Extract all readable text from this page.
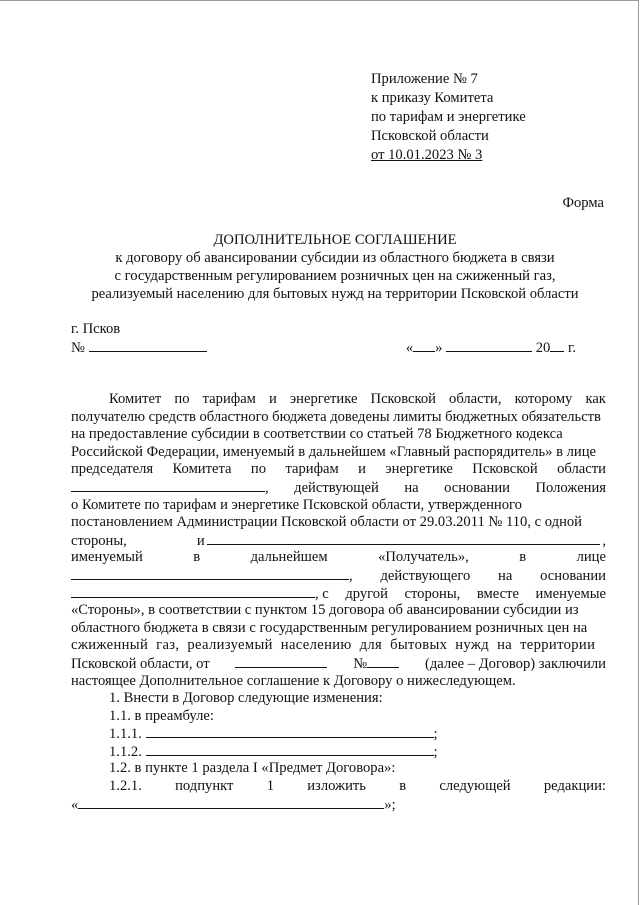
Приложение № 7
к приказу Комитета
по тарифам и энергетике
Псковской области
от 10.01.2023 № 3
Форма
ДОПОЛНИТЕЛЬНОЕ СОГЛАШЕНИЕ
к договору об авансировании субсидии из областного бюджета в связи
с государственным регулированием розничных цен на сжиженный газ,
реализуемый населению для бытовых нужд на территории Псковской области
г. Псков
№	« »	20 г.
Комитет по тарифам и энергетике Псковской области, которому как
получателю средств областного бюджета доведены лимиты бюджетных обязательств
на предоставление субсидии в соответствии со статьей 78 Бюджетного кодекса
Российской Федерации, именуемый в дальнейшем «Главный распорядитель» в лице
председателя Комитета по тарифам и энергетике Псковской области
, действующей на основании Положения
о Комитете по тарифам и энергетике Псковской области, утвержденного
постановлением Администрации Псковской области от 29.03.2011 № 110, с одной
стороны,	и	,
именуемый	в	дальнейшем	«Получатель»,	в	лице
, действующего на основании
, с другой стороны, вместе именуемые
«Стороны», в соответствии с пунктом 15 договора об авансировании субсидии из
областного бюджета в связи с государственным регулированием розничных цен на
сжиженный газ, реализуемый населению для бытовых нужд на территории
Псковской области, от	№	(далее – Договор) заключили
настоящее Дополнительное соглашение к Договору о нижеследующем.
1. Внести в Договор следующие изменения:
1.1. в преамбуле:
1.1.1.	;
1.1.2.	;
1.2. в пункте 1 раздела I «Предмет Договора»:
1.2.1. подпункт 1 изложить в следующей редакции:
«	»;
